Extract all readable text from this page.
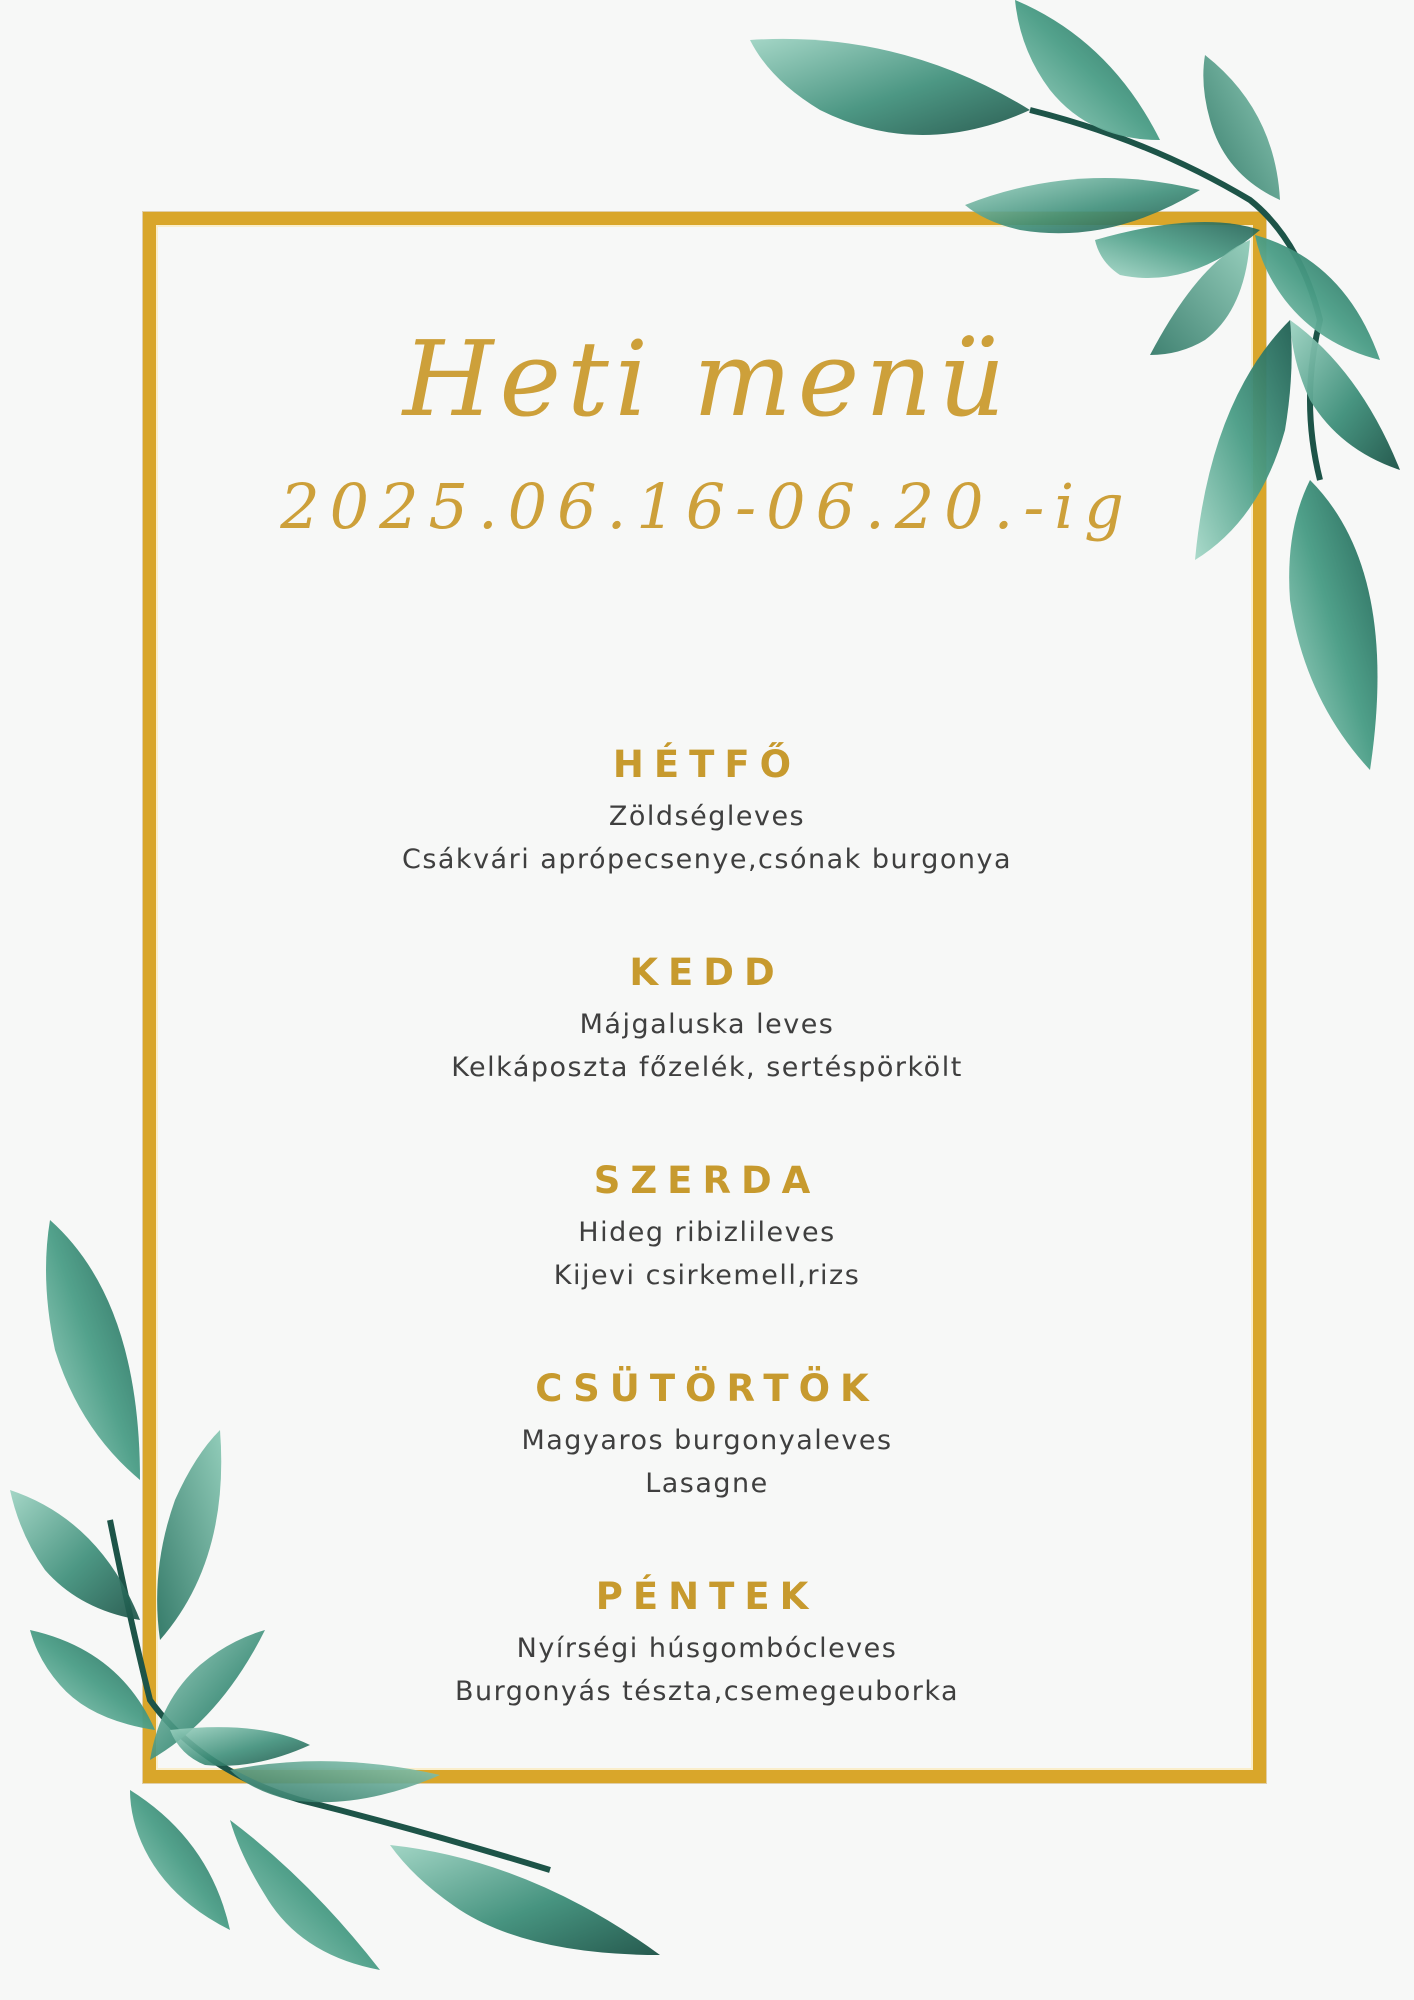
Heti menü
2025.06.16-06.20.-ig
HÉTFŐ
Zöldségleves
Csákvári aprópecsenye,csónak burgonya
KEDD
Májgaluska leves
Kelkáposzta főzelék, sertéspörkölt
SZERDA
Hideg ribizlileves
Kijevi csirkemell,rizs
CSÜTÖRTÖK
Magyaros burgonyaleves
Lasagne
PÉNTEK
Nyírségi húsgombócleves
Burgonyás tészta,csemegeuborka
